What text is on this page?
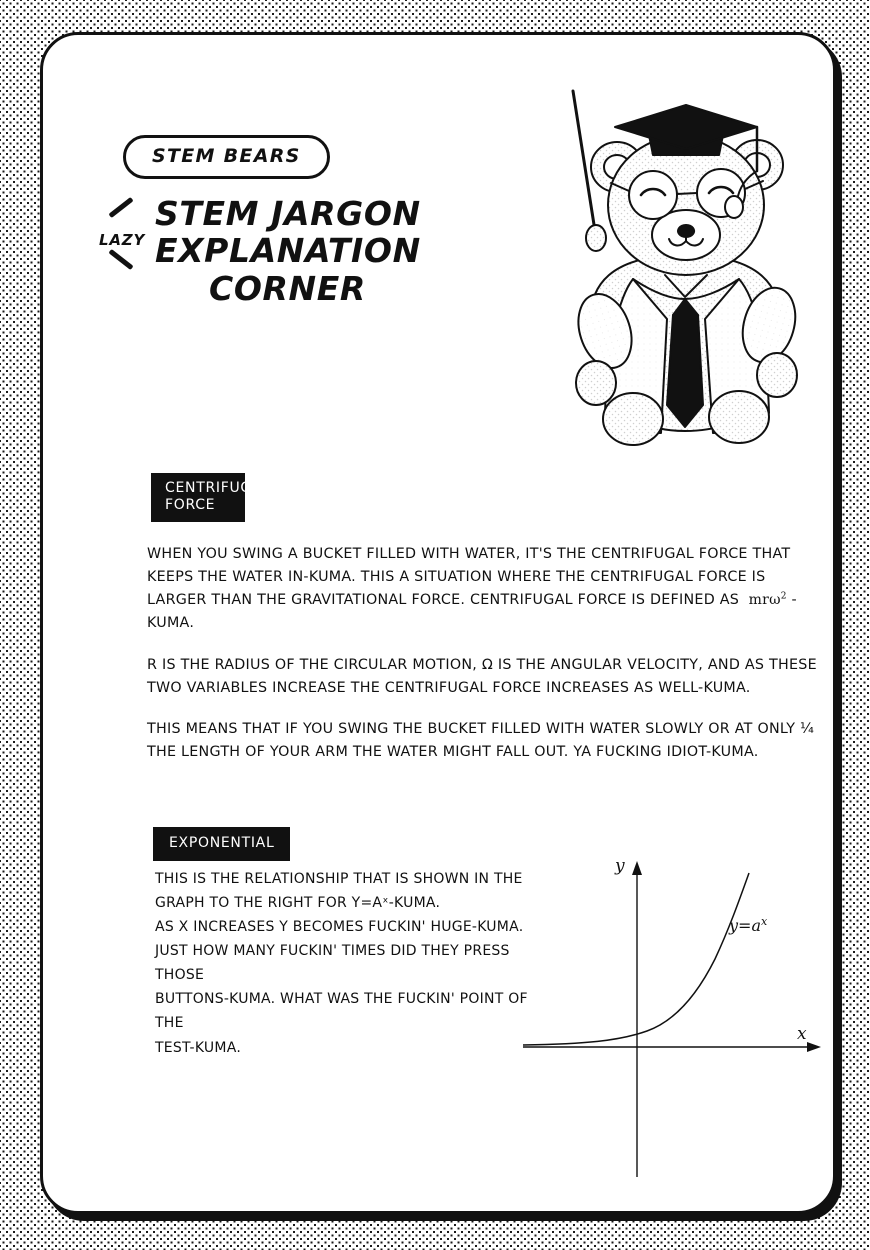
STEM BEARS
LAZY
STEM JARGON
EXPLANATION
CORNER
CENTRIFUGAL
FORCE

WHEN YOU SWING A BUCKET FILLED WITH WATER, IT'S THE CENTRIFUGAL FORCE THAT KEEPS THE WATER IN-KUMA. THIS A SITUATION WHERE THE CENTRIFUGAL FORCE IS LARGER THAN THE GRAVITATIONAL FORCE. CENTRIFUGAL FORCE IS DEFINED AS  mrω$^2$ -KUMA.

R IS THE RADIUS OF THE CIRCULAR MOTION, Ω IS THE ANGULAR VELOCITY, AND AS THESE TWO VARIABLES INCREASE THE CENTRIFUGAL FORCE INCREASES AS WELL-KUMA.

THIS MEANS THAT IF YOU SWING THE BUCKET FILLED WITH WATER SLOWLY OR AT ONLY ¼ THE LENGTH OF YOUR ARM THE WATER MIGHT FALL OUT. YA FUCKING IDIOT-KUMA.

EXPONENTIAL
THIS IS THE RELATIONSHIP THAT IS SHOWN IN THE
GRAPH TO THE RIGHT FOR Y=Aˣ-KUMA.
AS X INCREASES Y BECOMES FUCKIN' HUGE-KUMA.
JUST HOW MANY FUCKIN' TIMES DID THEY PRESS THOSE
BUTTONS-KUMA. WHAT WAS THE FUCKIN' POINT OF THE
TEST-KUMA.
y
x
$y=a^x$
